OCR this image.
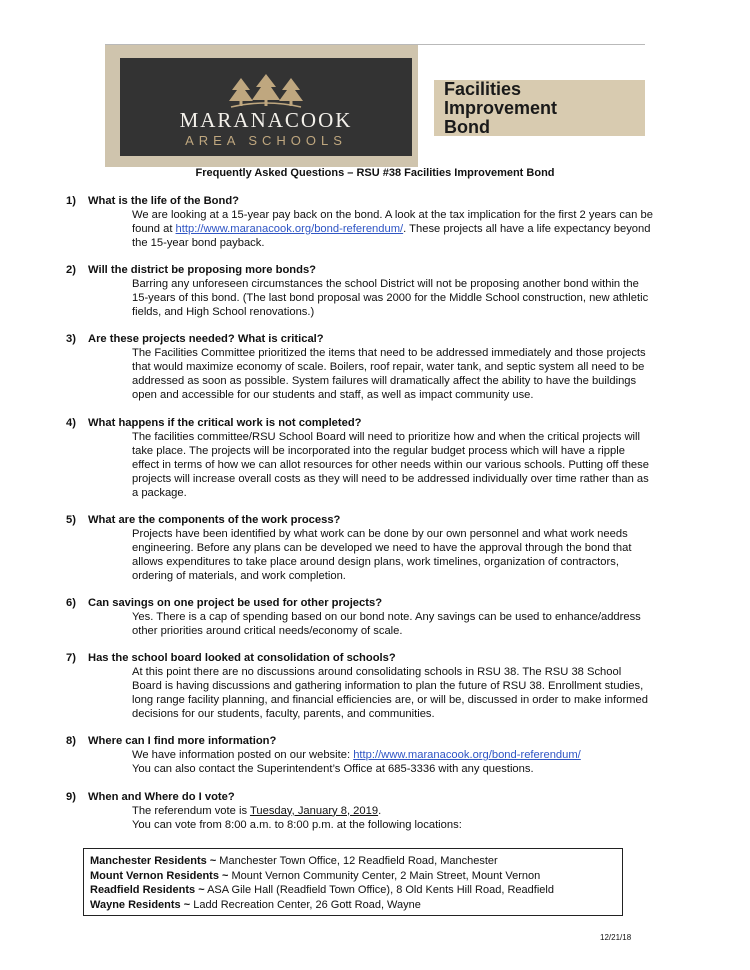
MARANACOOK
AREA SCHOOLS
Facilities
Improvement
Bond
Frequently Asked Questions – RSU #38 Facilities Improvement Bond
1)	What is the life of the Bond?
We are looking at a 15-year pay back on the bond. A look at the tax implication for the first 2 years can be
found at http://www.maranacook.org/bond-referendum/. These projects all have a life expectancy beyond
the 15-year bond payback.
2)	Will the district be proposing more bonds?
Barring any unforeseen circumstances the school District will not be proposing another bond within the
15-years of this bond. (The last bond proposal was 2000 for the Middle School construction, new athletic
fields, and High School renovations.)
3)	Are these projects needed? What is critical?
The Facilities Committee prioritized the items that need to be addressed immediately and those projects
that would maximize economy of scale. Boilers, roof repair, water tank, and septic system all need to be
addressed as soon as possible. System failures will dramatically affect the ability to have the buildings
open and accessible for our students and staff, as well as impact community use.
4)	What happens if the critical work is not completed?
The facilities committee/RSU School Board will need to prioritize how and when the critical projects will
take place. The projects will be incorporated into the regular budget process which will have a ripple
effect in terms of how we can allot resources for other needs within our various schools. Putting off these
projects will increase overall costs as they will need to be addressed individually over time rather than as
a package.
5)	What are the components of the work process?
Projects have been identified by what work can be done by our own personnel and what work needs
engineering. Before any plans can be developed we need to have the approval through the bond that
allows expenditures to take place around design plans, work timelines, organization of contractors,
ordering of materials, and work completion.
6)	Can savings on one project be used for other projects?
Yes. There is a cap of spending based on our bond note. Any savings can be used to enhance/address
other priorities around critical needs/economy of scale.
7)	Has the school board looked at consolidation of schools?
At this point there are no discussions around consolidating schools in RSU 38. The RSU 38 School
Board is having discussions and gathering information to plan the future of RSU 38. Enrollment studies,
long range facility planning, and financial efficiencies are, or will be, discussed in order to make informed
decisions for our students, faculty, parents, and communities.
8)	Where can I find more information?
We have information posted on our website: http://www.maranacook.org/bond-referendum/
You can also contact the Superintendent’s Office at 685-3336 with any questions.
9)	When and Where do I vote?
The referendum vote is Tuesday, January 8, 2019.
You can vote from 8:00 a.m. to 8:00 p.m. at the following locations:
Manchester Residents ~ Manchester Town Office, 12 Readfield Road, Manchester
Mount Vernon Residents ~ Mount Vernon Community Center, 2 Main Street, Mount Vernon
Readfield Residents ~ ASA Gile Hall (Readfield Town Office), 8 Old Kents Hill Road, Readfield
Wayne Residents ~ Ladd Recreation Center, 26 Gott Road, Wayne
12/21/18
